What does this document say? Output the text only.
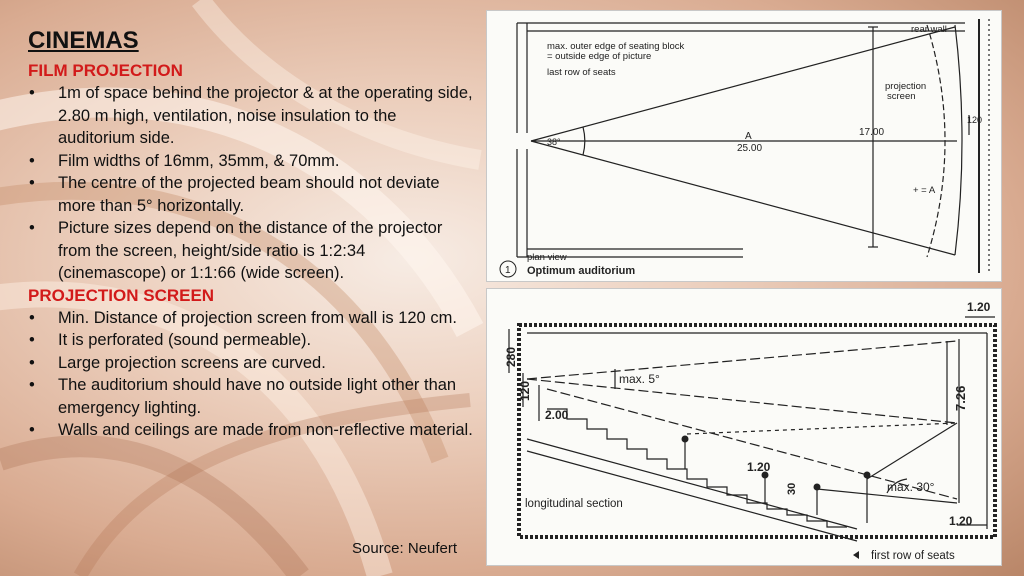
CINEMAS
FILM PROJECTION
• 1m of space behind the projector & at the operating side, 2.80 m high, ventilation, noise insulation to the auditorium side.
• Film widths of 16mm, 35mm, & 70mm.
• The centre of the projected beam should not deviate more than 5° horizontally.
• Picture sizes depend on the distance of the projector from the screen, height/side ratio is 1:2:34 (cinemascope) or 1:1:66 (wide screen).
PROJECTION SCREEN
• Min. Distance of projection screen from wall is 120 cm.
• It is perforated (sound permeable).
• Large projection screens are curved.
• The auditorium should have no outside light other than emergency lighting.
• Walls and ceilings are made from non-reflective material.
Source: Neufert
max. outer edge of seating block
= outside edge of picture
last row of seats
rear wall
projection
screen
38°	A
25.00
17.00
120
+ = A
plan view
1 Optimum auditorium
1.20
280
120
max. 5°
2.00
7.26
1.20
30	max. 30°
1.20
longitudinal section
first row of seats
